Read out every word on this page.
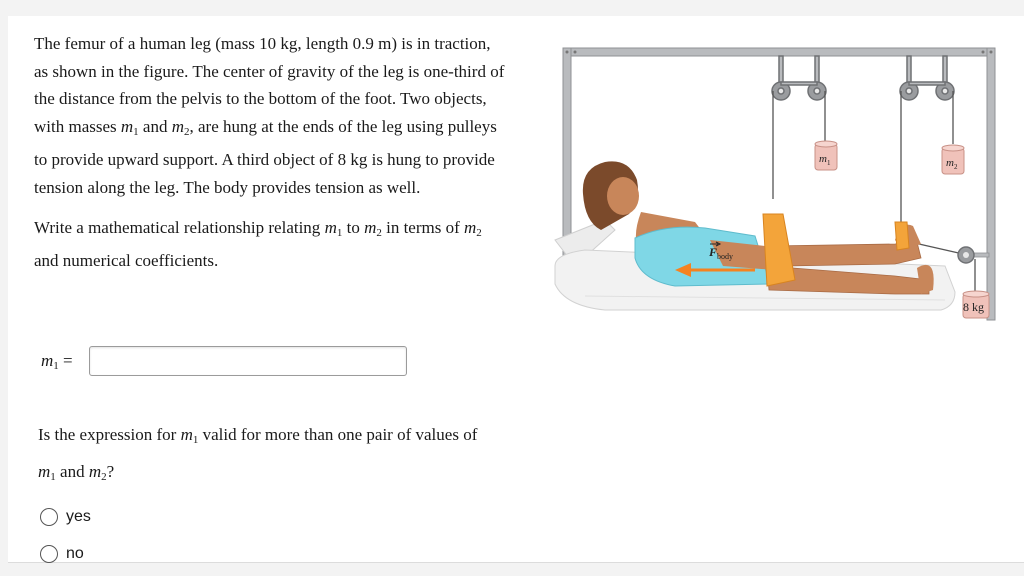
The femur of a human leg (mass 10 kg, length 0.9 m) is in traction, as shown in the figure. The center of gravity of the leg is one-third of the distance from the pelvis to the bottom of the foot. Two objects, with masses $m_1$ and $m_2$, are hung at the ends of the leg using pulleys to provide upward support. A third object of 8 kg is hung to provide tension along the leg. The body provides tension as well.

Write a mathematical relationship relating $m_1$ to $m_2$ in terms of $m_2$ and numerical coefficients.

$m_1$ =
Is the expression for $m_1$ valid for more than one pair of values of $m_1$ and $m_2$?
yes
no
$m_1$	$m_2$
8 kg
$F_{body}$
